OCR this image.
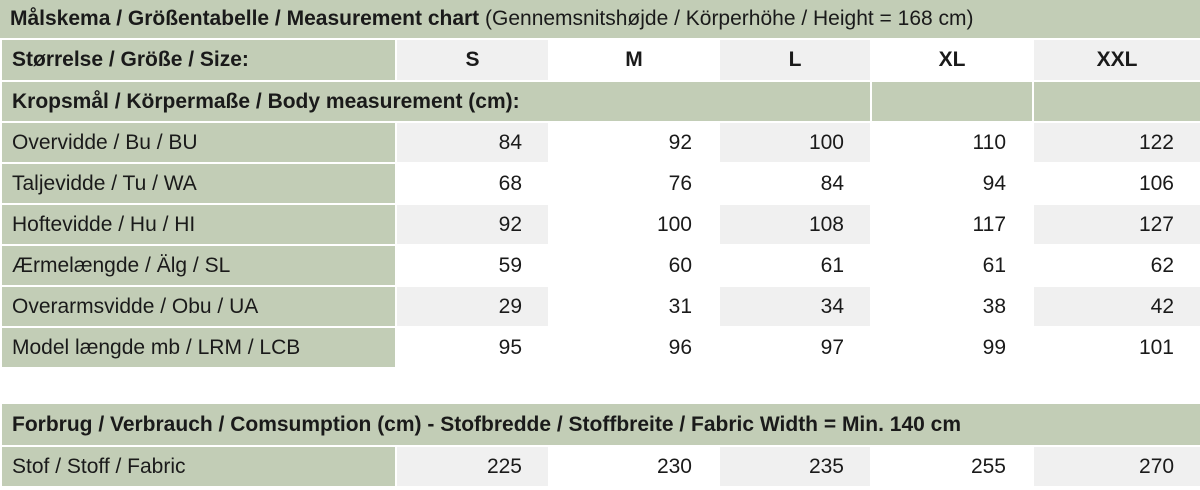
Målskema / Größentabelle / Measurement chart (Gennemsnitshøjde / Körperhöhe / Height = 168 cm)
Størrelse / Größe / Size:	S	M	L	XL	XXL
Kropsmål / Körpermaße / Body measurement (cm):					
Overvidde / Bu / BU	84	92	100	110	122
Taljevidde / Tu / WA	68	76	84	94	106
Hoftevidde / Hu / HI	92	100	108	117	127
Ærmelængde / Älg / SL	59	60	61	61	62
Overarmsvidde / Obu / UA	29	31	34	38	42
Model længde mb / LRM / LCB	95	96	97	99	101
Forbrug / Verbrauch / Comsumption (cm) - Stofbredde / Stoffbreite / Fabric Width = Min. 140 cm
Stof / Stoff / Fabric	225	230	235	255	270
